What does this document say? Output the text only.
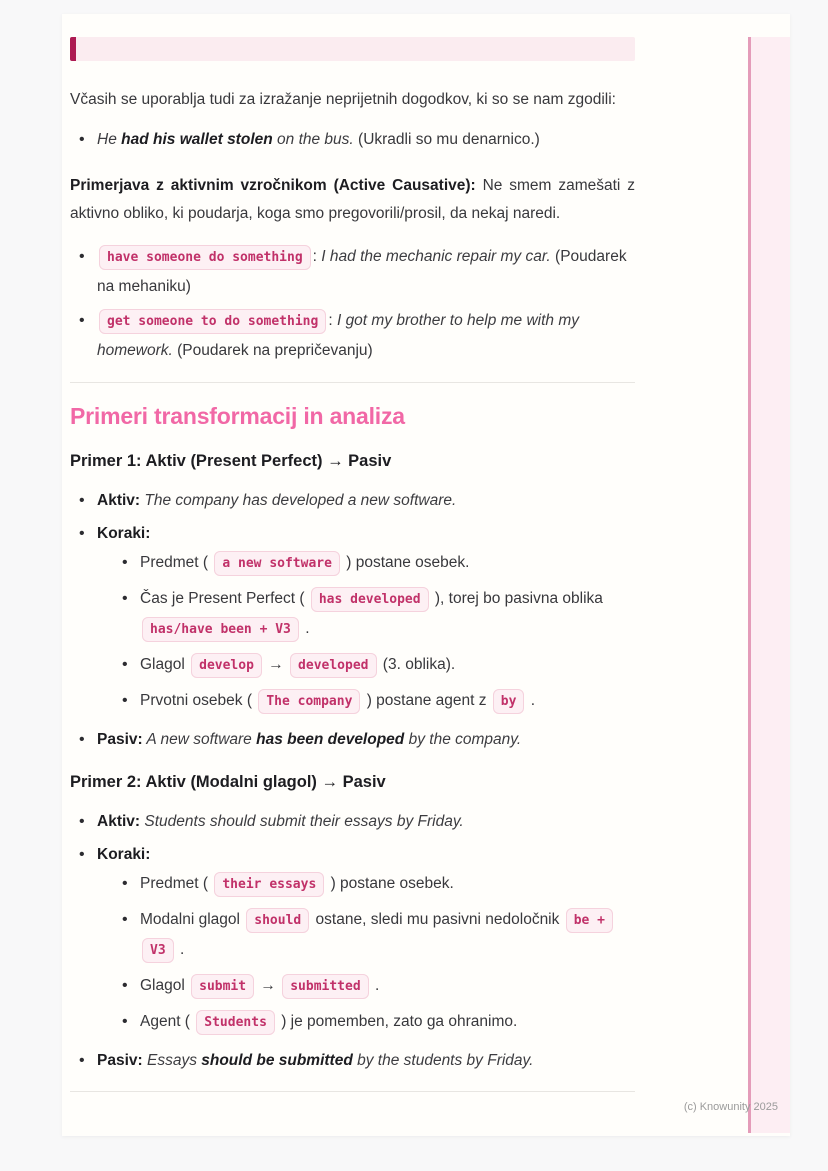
Včasih se uporablja tudi za izražanje neprijetnih dogodkov, ki so se nam zgodili:

• He had his wallet stolen on the bus. (Ukradli so mu denarnico.)

Primerjava z aktivnim vzročnikom (Active Causative): Ne smem zamešati z aktivno obliko, ki poudarja, koga smo pregovorili/prosil, da nekaj naredi.

• have someone do something : I had the mechanic repair my car. (Poudarek na mehaniku)
• get someone to do something : I got my brother to help me with my homework. (Poudarek na prepričevanju)
Primeri transformacij in analiza
Primer 1: Aktiv (Present Perfect) → Pasiv
• Aktiv: The company has developed a new software.
• Koraki:
• Predmet ( a new software ) postane osebek.
• Čas je Present Perfect ( has developed ), torej bo pasivna oblika has/have been + V3 .
• Glagol develop → developed (3. oblika).
• Prvotni osebek ( The company ) postane agent z by .
• Pasiv: A new software has been developed by the company.
Primer 2: Aktiv (Modalni glagol) → Pasiv
• Aktiv: Students should submit their essays by Friday.
• Koraki:
• Predmet ( their essays ) postane osebek.
• Modalni glagol should ostane, sledi mu pasivni nedoločnik be + V3 .
• Glagol submit → submitted .
• Agent ( Students ) je pomemben, zato ga ohranimo.
• Pasiv: Essays should be submitted by the students by Friday.
(c) Knowunity 2025
